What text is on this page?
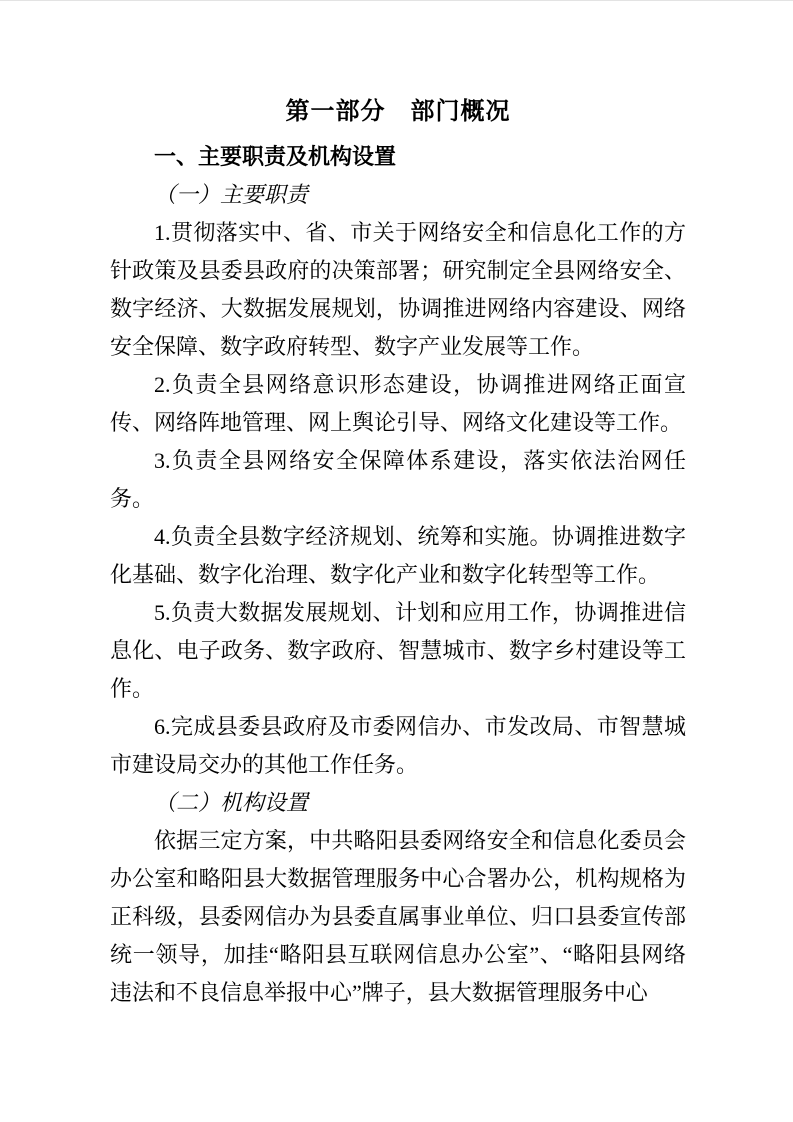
第一部分　部门概况
一、主要职责及机构设置
（一）主要职责

1.贯彻落实中、省、市关于网络安全和信息化工作的方针政策及县委县政府的决策部署；研究制定全县网络安全、数字经济、大数据发展规划，协调推进网络内容建设、网络安全保障、数字政府转型、数字产业发展等工作。

2.负责全县网络意识形态建设，协调推进网络正面宣传、网络阵地管理、网上舆论引导、网络文化建设等工作。

3.负责全县网络安全保障体系建设，落实依法治网任务。

4.负责全县数字经济规划、统筹和实施。协调推进数字化基础、数字化治理、数字化产业和数字化转型等工作。

5.负责大数据发展规划、计划和应用工作，协调推进信息化、电子政务、数字政府、智慧城市、数字乡村建设等工作。

6.完成县委县政府及市委网信办、市发改局、市智慧城市建设局交办的其他工作任务。

（二）机构设置

依据三定方案，中共略阳县委网络安全和信息化委员会办公室和略阳县大数据管理服务中心合署办公，机构规格为正科级，县委网信办为县委直属事业单位、归口县委宣传部统一领导，加挂“略阳县互联网信息办公室”、“略阳县网络违法和不良信息举报中心”牌子，县大数据管理服务中心
